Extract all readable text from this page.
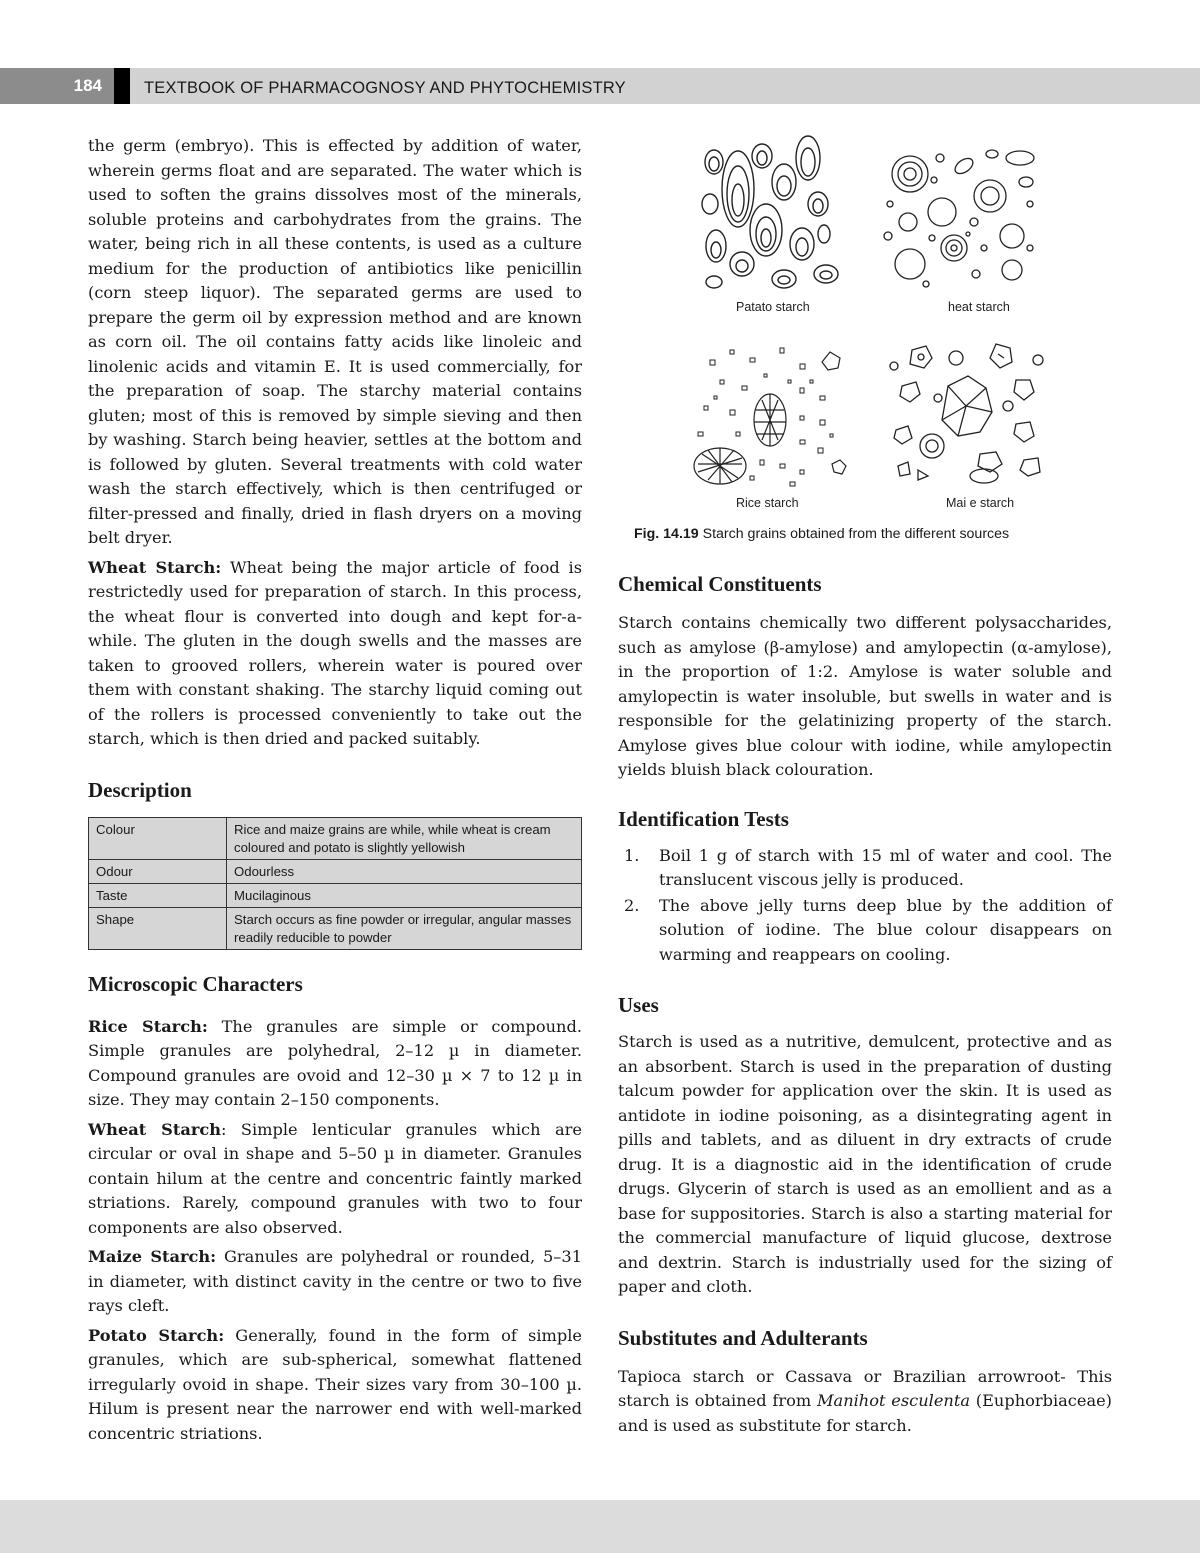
184	TEXTBOOK OF PHARMACOGNOSY AND PHYTOCHEMISTRY

the germ (embryo). This is effected by addition of water, wherein germs float and are separated. The water which is used to soften the grains dissolves most of the minerals, soluble proteins and carbohydrates from the grains. The water, being rich in all these contents, is used as a culture medium for the production of antibiotics like penicillin (corn steep liquor). The separated germs are used to prepare the germ oil by expression method and are known as corn oil. The oil contains fatty acids like linoleic and linolenic acids and vitamin E. It is used commercially, for the preparation of soap. The starchy material contains gluten; most of this is removed by simple sieving and then by washing. Starch being heavier, settles at the bottom and is followed by gluten. Several treatments with cold water wash the starch effectively, which is then centrifuged or filter-pressed and finally, dried in flash dryers on a moving belt dryer.

Wheat Starch: Wheat being the major article of food is restrictedly used for preparation of starch. In this process, the wheat flour is converted into dough and kept for-a-while. The gluten in the dough swells and the masses are taken to grooved rollers, wherein water is poured over them with constant shaking. The starchy liquid coming out of the rollers is processed conveniently to take out the starch, which is then dried and packed suitably.

Description
Colour	Rice and maize grains are while, while wheat is cream coloured and potato is slightly yellowish
Odour	Odourless
Taste	Mucilaginous
Shape	Starch occurs as fine powder or irregular, angular masses readily reducible to powder
Microscopic Characters

Rice Starch: The granules are simple or compound. Simple granules are polyhedral, 2–12 µ in diameter. Compound granules are ovoid and 12–30 µ × 7 to 12 µ in size. They may contain 2–150 components.

Wheat Starch: Simple lenticular granules which are circular or oval in shape and 5–50 µ in diameter. Granules contain hilum at the centre and concentric faintly marked striations. Rarely, compound granules with two to four components are also observed.

Maize Starch: Granules are polyhedral or rounded, 5–31 in diameter, with distinct cavity in the centre or two to five rays cleft.

Potato Starch: Generally, found in the form of simple granules, which are sub-spherical, somewhat flattened irregularly ovoid in shape. Their sizes vary from 30–100 µ. Hilum is present near the narrower end with well-marked concentric striations.

Patato starch	heat starch
Rice starch	Mai e starch
Fig. 14.19 Starch grains obtained from the different sources
Chemical Constituents

Starch contains chemically two different polysaccharides, such as amylose (β-amylose) and amylopectin (α-amylose), in the proportion of 1:2. Amylose is water soluble and amylopectin is water insoluble, but swells in water and is responsible for the gelatinizing property of the starch. Amylose gives blue colour with iodine, while amylopectin yields bluish black colouration.

Identification Tests
1. Boil 1 g of starch with 15 ml of water and cool. The translucent viscous jelly is produced.
2. The above jelly turns deep blue by the addition of solution of iodine. The blue colour disappears on warming and reappears on cooling.
Uses

Starch is used as a nutritive, demulcent, protective and as an absorbent. Starch is used in the preparation of dusting talcum powder for application over the skin. It is used as antidote in iodine poisoning, as a disintegrating agent in pills and tablets, and as diluent in dry extracts of crude drug. It is a diagnostic aid in the identification of crude drugs. Glycerin of starch is used as an emollient and as a base for suppositories. Starch is also a starting material for the commercial manufacture of liquid glucose, dextrose and dextrin. Starch is industrially used for the sizing of paper and cloth.

Substitutes and Adulterants

Tapioca starch or Cassava or Brazilian arrowroot- This starch is obtained from Manihot esculenta (Euphorbiaceae) and is used as substitute for starch.
